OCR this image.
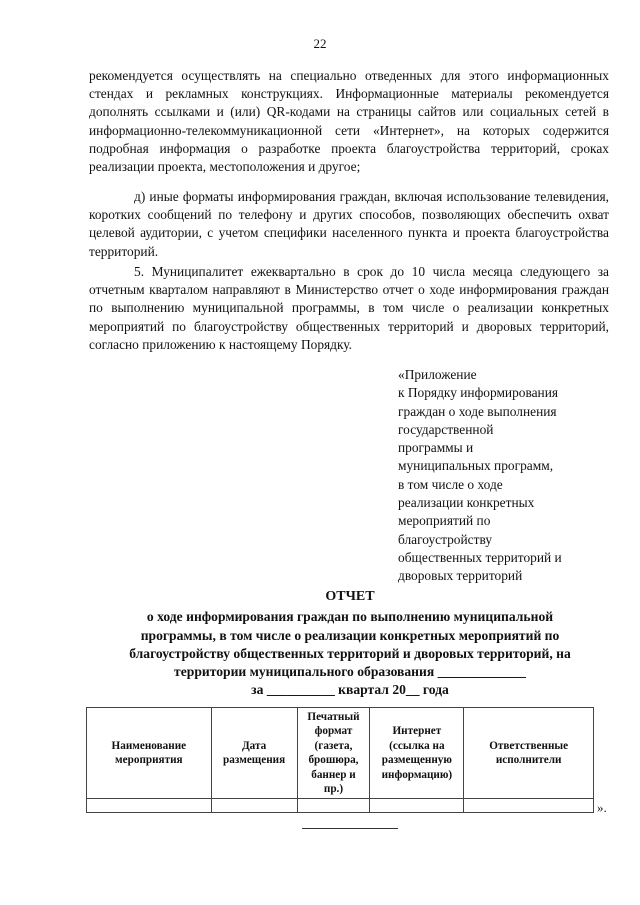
22

рекомендуется осуществлять на специально отведенных для этого информационных стендах и рекламных конструкциях. Информационные материалы рекомендуется дополнять ссылками и (или) QR-кодами на страницы сайтов или социальных сетей в информационно-телекоммуникационной сети «Интернет», на которых содержится подробная информация о разработке проекта благоустройства территорий, сроках реализации проекта, местоположения и другое;

д) иные форматы информирования граждан, включая использование телевидения, коротких сообщений по телефону и других способов, позволяющих обеспечить охват целевой аудитории, с учетом специфики населенного пункта и проекта благоустройства территорий.

5. Муниципалитет ежеквартально в срок до 10 числа месяца следующего за отчетным кварталом направляют в Министерство отчет о ходе информирования граждан по выполнению муниципальной программы, в том числе о реализации конкретных мероприятий по благоустройству общественных территорий и дворовых территорий, согласно приложению к настоящему Порядку.

«Приложение
к Порядку информирования
граждан о ходе выполнения
государственной
программы и
муниципальных программ,
в том числе о ходе
реализации конкретных
мероприятий по
благоустройству
общественных территорий и
дворовых территорий
ОТЧЕТ
о ходе информирования граждан по выполнению муниципальной
программы, в том числе о реализации конкретных мероприятий по
благоустройству общественных территорий и дворовых территорий, на
территории муниципального образования _____________
за __________ квартал 20__ года
Наименование мероприятия	Дата размещения	Печатный формат (газета, брошюра, баннер и пр.)	Интернет (ссылка на размещенную информацию)	Ответственные исполнители

».
